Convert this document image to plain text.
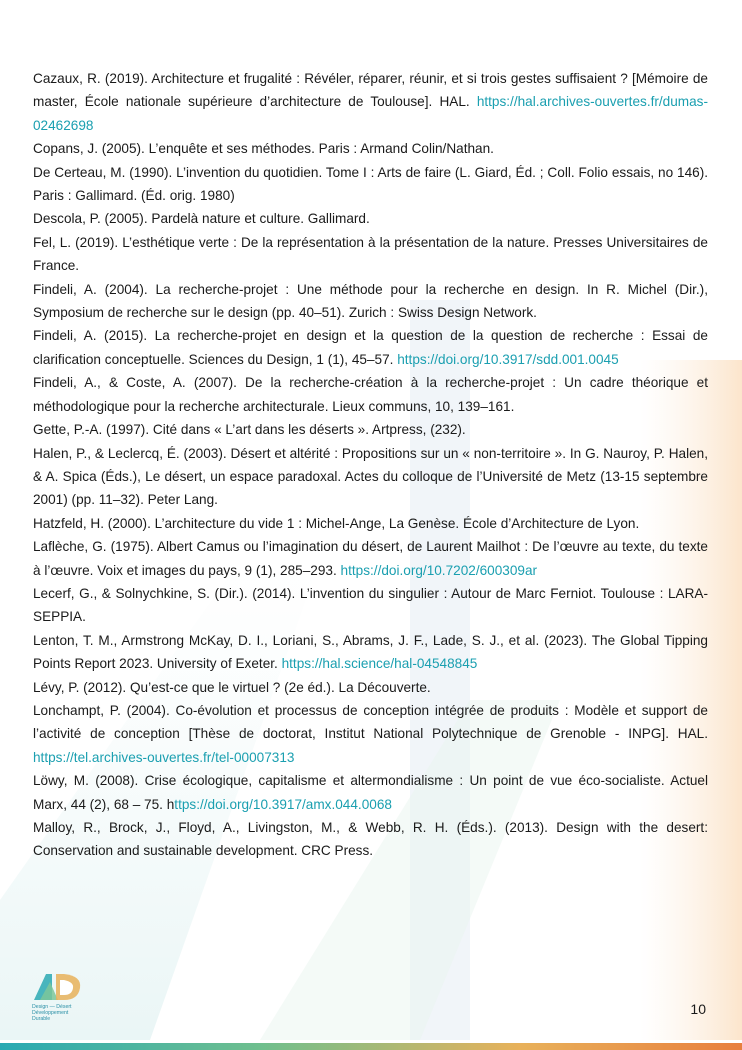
Cazaux, R. (2019). Architecture et frugalité : Révéler, réparer, réunir, et si trois gestes suffisaient ? [Mémoire de master, École nationale supérieure d’architecture de Toulouse]. HAL. https://hal.archives-ouvertes.fr/dumas-02462698

Copans, J. (2005). L’enquête et ses méthodes. Paris : Armand Colin/Nathan.

De Certeau, M. (1990). L’invention du quotidien. Tome I : Arts de faire (L. Giard, Éd. ; Coll. Folio essais, no 146). Paris : Gallimard. (Éd. orig. 1980)

Descola, P. (2005). Pardelà nature et culture. Gallimard.

Fel, L. (2019). L’esthétique verte : De la représentation à la présentation de la nature. Presses Universitaires de France.

Findeli, A. (2004). La recherche-projet : Une méthode pour la recherche en design. In R. Michel (Dir.), Symposium de recherche sur le design (pp. 40–51). Zurich : Swiss Design Network.

Findeli, A. (2015). La recherche-projet en design et la question de la question de recherche : Essai de clarification conceptuelle. Sciences du Design, 1 (1), 45–57. https://doi.org/10.3917/sdd.001.0045

Findeli, A., & Coste, A. (2007). De la recherche-création à la recherche-projet : Un cadre théorique et méthodologique pour la recherche architecturale. Lieux communs, 10, 139–161.

Gette, P.-A. (1997). Cité dans « L’art dans les déserts ». Artpress, (232).

Halen, P., & Leclercq, É. (2003). Désert et altérité : Propositions sur un « non-territoire ». In G. Nauroy, P. Halen, & A. Spica (Éds.), Le désert, un espace paradoxal. Actes du colloque de l’Université de Metz (13-15 septembre 2001) (pp. 11–32). Peter Lang.

Hatzfeld, H. (2000). L’architecture du vide 1 : Michel-Ange, La Genèse. École d’Architecture de Lyon.

Laflèche, G. (1975). Albert Camus ou l’imagination du désert, de Laurent Mailhot : De l’œuvre au texte, du texte à l’œuvre. Voix et images du pays, 9 (1), 285–293. https://doi.org/10.7202/600309ar

Lecerf, G., & Solnychkine, S. (Dir.). (2014). L’invention du singulier : Autour de Marc Ferniot. Toulouse : LARA-SEPPIA.

Lenton, T. M., Armstrong McKay, D. I., Loriani, S., Abrams, J. F., Lade, S. J., et al. (2023). The Global Tipping Points Report 2023. University of Exeter. https://hal.science/hal-04548845

Lévy, P. (2012). Qu’est-ce que le virtuel ? (2e éd.). La Découverte.

Lonchampt, P. (2004). Co-évolution et processus de conception intégrée de produits : Modèle et support de l’activité de conception [Thèse de doctorat, Institut National Polytechnique de Grenoble - INPG]. HAL. https://tel.archives-ouvertes.fr/tel-00007313

Löwy, M. (2008). Crise écologique, capitalisme et altermondialisme : Un point de vue éco-socialiste. Actuel Marx, 44 (2), 68 – 75. https://doi.org/10.3917/amx.044.0068

Malloy, R., Brock, J., Floyd, A., Livingston, M., & Webb, R. H. (Éds.). (2013). Design with the desert: Conservation and sustainable development. CRC Press.

Design — Désert
Développement
Durable
10
